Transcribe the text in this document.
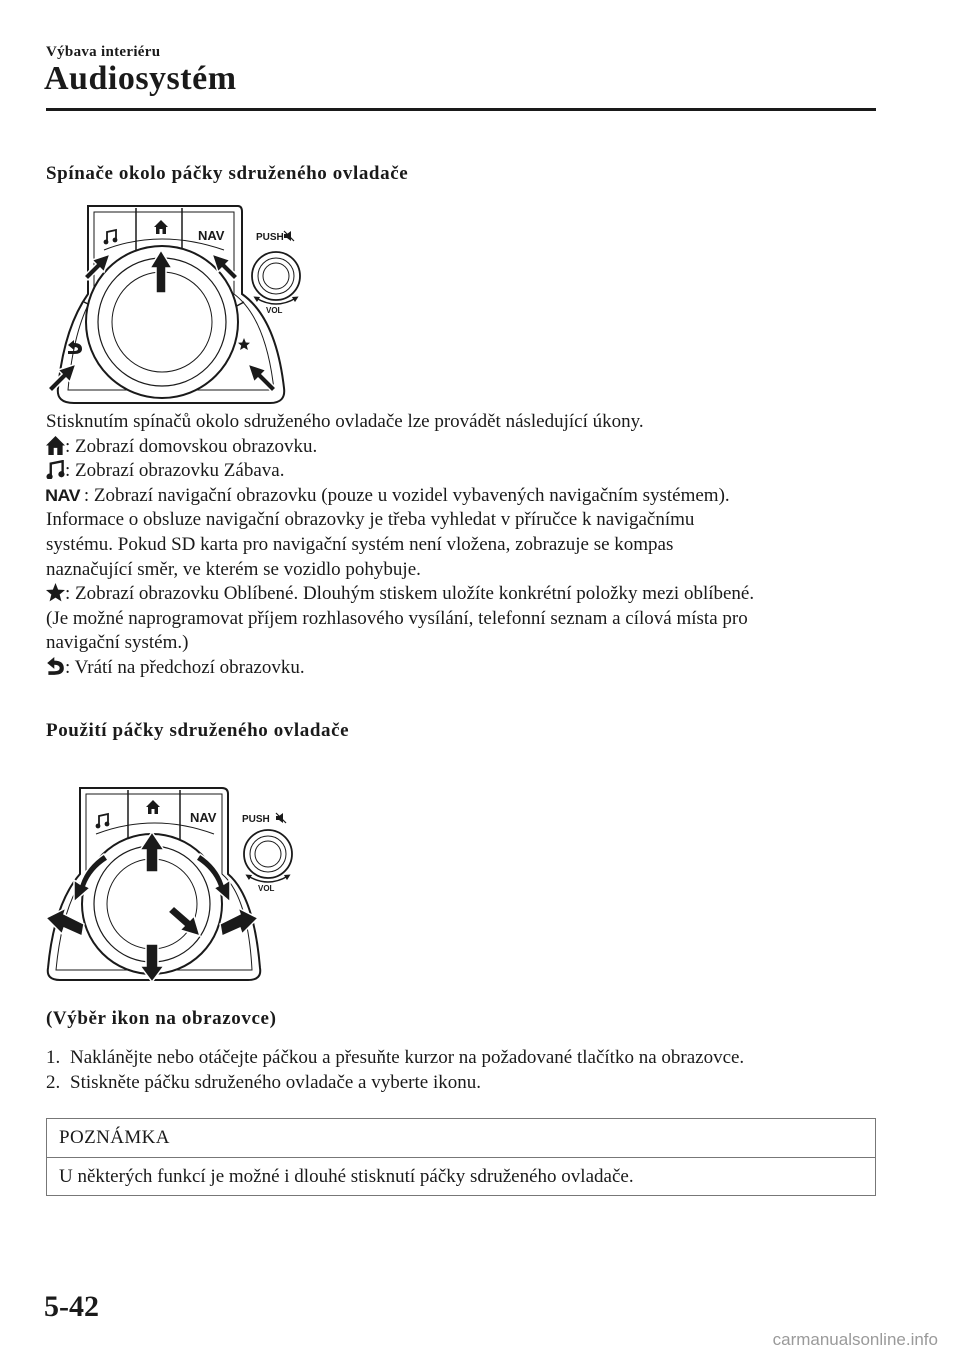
Výbava interiéru
Audiosystém
Spínače okolo páčky sdruženého ovladače
NAV	PUSH
VOL

Stisknutím spínačů okolo sdruženého ovladače lze provádět následující úkony.

: Zobrazí domovskou obrazovku.

: Zobrazí obrazovku Zábava.

NAV : Zobrazí navigační obrazovku (pouze u vozidel vybavených navigačním systémem).

Informace o obsluze navigační obrazovky je třeba vyhledat v příručce k navigačnímu

systému. Pokud SD karta pro navigační systém není vložena, zobrazuje se kompas

naznačující směr, ve kterém se vozidlo pohybuje.

: Zobrazí obrazovku Oblíbené. Dlouhým stiskem uložíte konkrétní položky mezi oblíbené.

(Je možné naprogramovat příjem rozhlasového vysílání, telefonní seznam a cílová místa pro

navigační systém.)

: Vrátí na předchozí obrazovku.

Použití páčky sdruženého ovladače
NAV	PUSH
VOL
(Výběr ikon na obrazovce)
1. Naklánějte nebo otáčejte páčkou a přesuňte kurzor na požadované tlačítko na obrazovce.
2. Stiskněte páčku sdruženého ovladače a vyberte ikonu.
POZNÁMKA
U některých funkcí je možné i dlouhé stisknutí páčky sdruženého ovladače.
5-42
carmanualsonline.info
